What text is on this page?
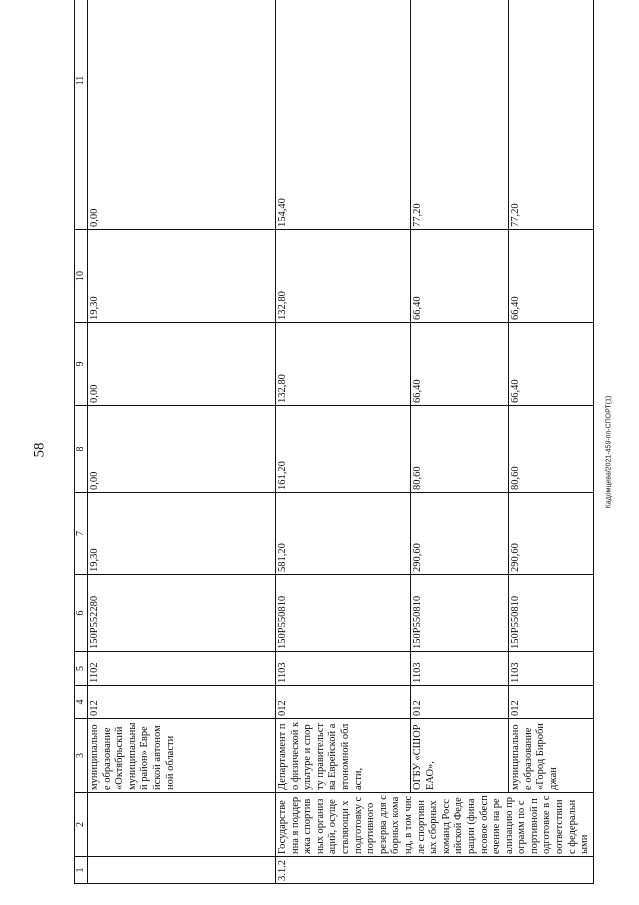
58	Кадомцева/2021-459-пп-СПОРТ(1)
1	2	3	4	5	6	7	8	9	10	11
		муниципально е образование «Октябрьский муниципальны й район» Еврейской автономной области	012	1102	150P552280	19,30	0,00	0,00	19,30	0,00
3.1.2	Государственна я поддержка спортивных организаций, осуществляющи х подготовку спортивного резерва для сборных команд, в том числе спортивных сборных команд Российской Федерации (финансовое обеспечение на реализацию программ по спортивной подготовке в соответствии с федеральными	Департамент по физической культуре и спорту правительства Еврейской автономной области,	012	1103	150P550810	581,20	161,20	132,80	132,80	154,40
		ОГБУ «СШОР ЕАО»,	012	1103	150P550810	290,60	80,60	66,40	66,40	77,20
		муниципально е образование «Город Биробиджан	012	1103	150P550810	290,60	80,60	66,40	66,40	77,20
